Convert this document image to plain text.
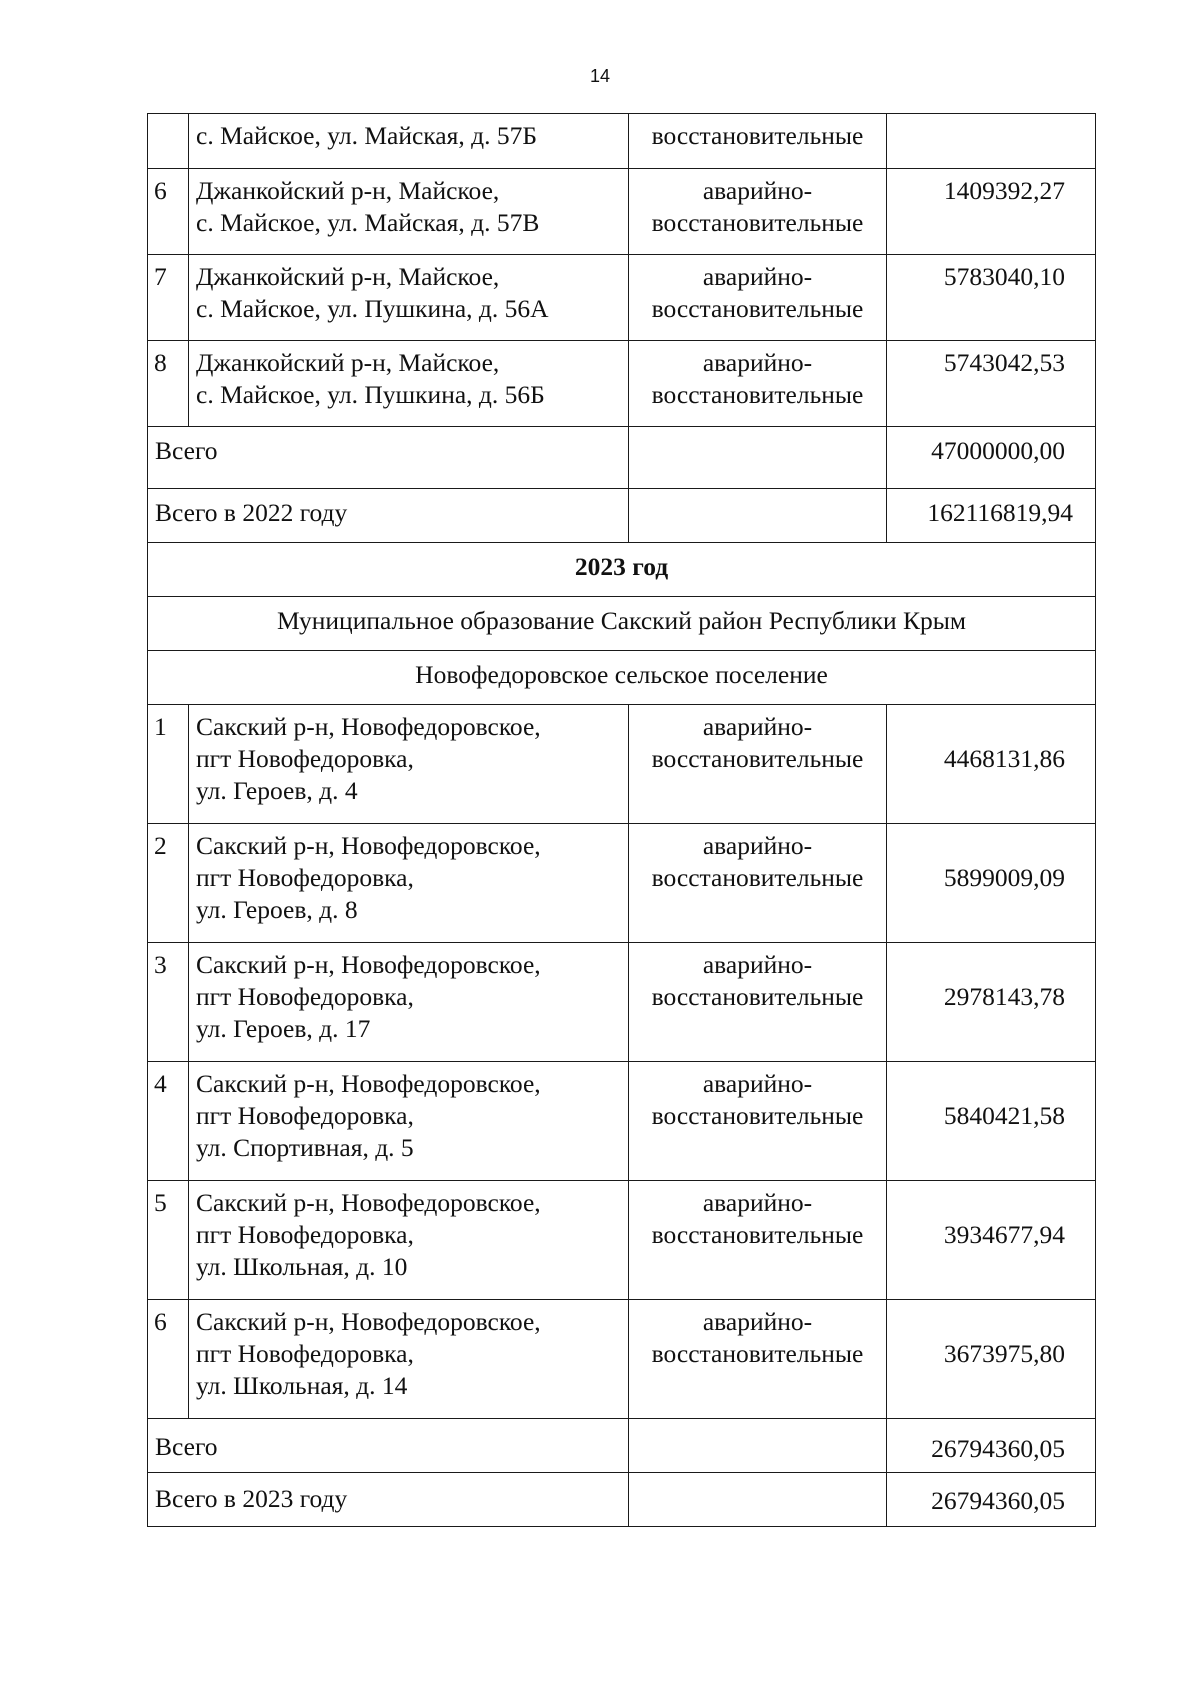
14

	с. Майское, ул. Майская, д. 57Б	восстановительные	

6	Джанкойский р-н, Майское,
с. Майское, ул. Майская, д. 57В	аварийно-
восстановительные	1409392,27
7	Джанкойский р-н, Майское,
с. Майское, ул. Пушкина, д. 56А	аварийно-
восстановительные	5783040,10
8	Джанкойский р-н, Майское,
с. Майское, ул. Пушкина, д. 56Б	аварийно-
восстановительные	5743042,53
Всего			47000000,00
Всего в 2022 году			162116819,94
2023 год			
Муниципальное образование Сакский район Республики Крым			
Новофедоровское сельское поселение			
1	Сакский р-н, Новофедоровское,
пгт Новофедоровка,
ул. Героев, д. 4	аварийно-
восстановительные	4468131,86
2	Сакский р-н, Новофедоровское,
пгт Новофедоровка,
ул. Героев, д. 8	аварийно-
восстановительные	5899009,09
3	Сакский р-н, Новофедоровское,
пгт Новофедоровка,
ул. Героев, д. 17	аварийно-
восстановительные	2978143,78
4	Сакский р-н, Новофедоровское,
пгт Новофедоровка,
ул. Спортивная, д. 5	аварийно-
восстановительные	5840421,58
5	Сакский р-н, Новофедоровское,
пгт Новофедоровка,
ул. Школьная, д. 10	аварийно-
восстановительные	3934677,94
6	Сакский р-н, Новофедоровское,
пгт Новофедоровка,
ул. Школьная, д. 14	аварийно-
восстановительные	3673975,80
Всего			26794360,05
Всего в 2023 году			26794360,05
